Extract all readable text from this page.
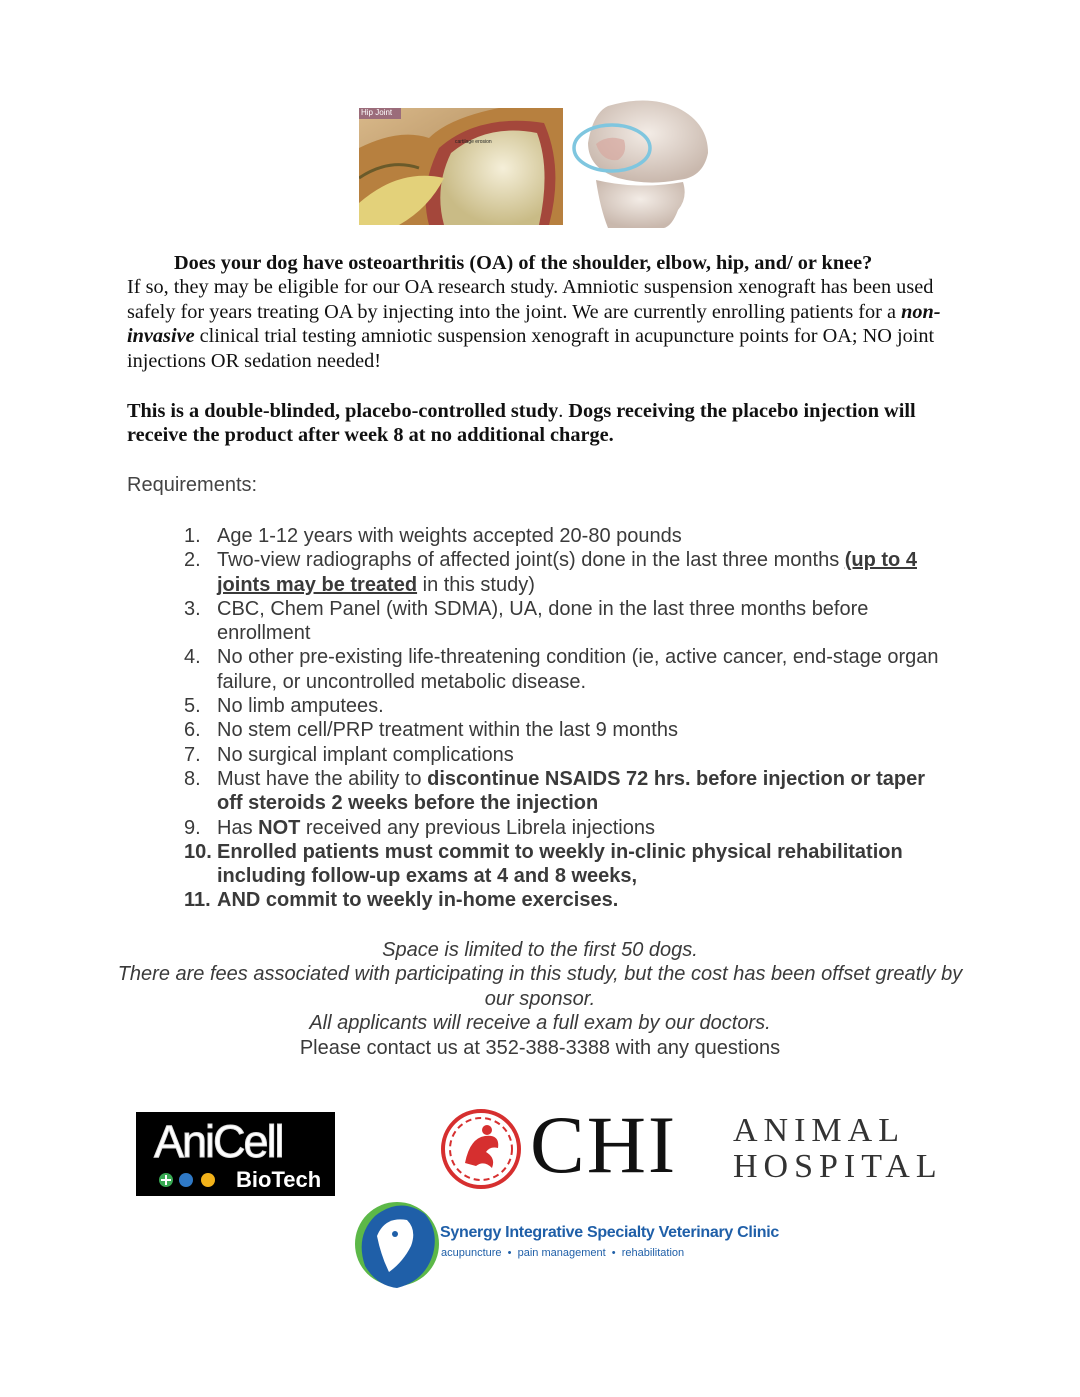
Hip Joint
cartilage erosion
Does your dog have osteoarthritis (OA) of the shoulder, elbow, hip, and/ or knee?
If so, they may be eligible for our OA research study. Amniotic suspension xenograft has been used safely for years treating OA by injecting into the joint. We are currently enrolling patients for a non-invasive clinical trial testing amniotic suspension xenograft in acupuncture points for OA; NO joint injections OR sedation needed!
This is a double-blinded, placebo-controlled study. Dogs receiving the placebo injection will receive the product after week 8 at no additional charge.
Requirements:
1. Age 1-12 years with weights accepted 20-80 pounds
2. Two-view radiographs of affected joint(s) done in the last three months (up to 4 joints may be treated in this study)
3. CBC, Chem Panel (with SDMA), UA, done in the last three months before enrollment
4. No other pre-existing life-threatening condition (ie, active cancer, end-stage organ failure, or uncontrolled metabolic disease.
5. No limb amputees.
6. No stem cell/PRP treatment within the last 9 months
7. No surgical implant complications
8. Must have the ability to discontinue NSAIDS 72 hrs. before injection or taper off steroids 2 weeks before the injection
9. Has NOT received any previous Librela injections
10. Enrolled patients must commit to weekly in-clinic physical rehabilitation including follow-up exams at 4 and 8 weeks,
11. AND commit to weekly in-home exercises.
Space is limited to the first 50 dogs.
There are fees associated with participating in this study, but the cost has been offset greatly by our sponsor.
All applicants will receive a full exam by our doctors.
Please contact us at 352-388-3388 with any questions
AniCell
BioTech	CHI ANIMAL
HOSPITAL
Synergy Integrative Specialty Veterinary Clinic
acupuncture  •  pain management  •  rehabilitation
